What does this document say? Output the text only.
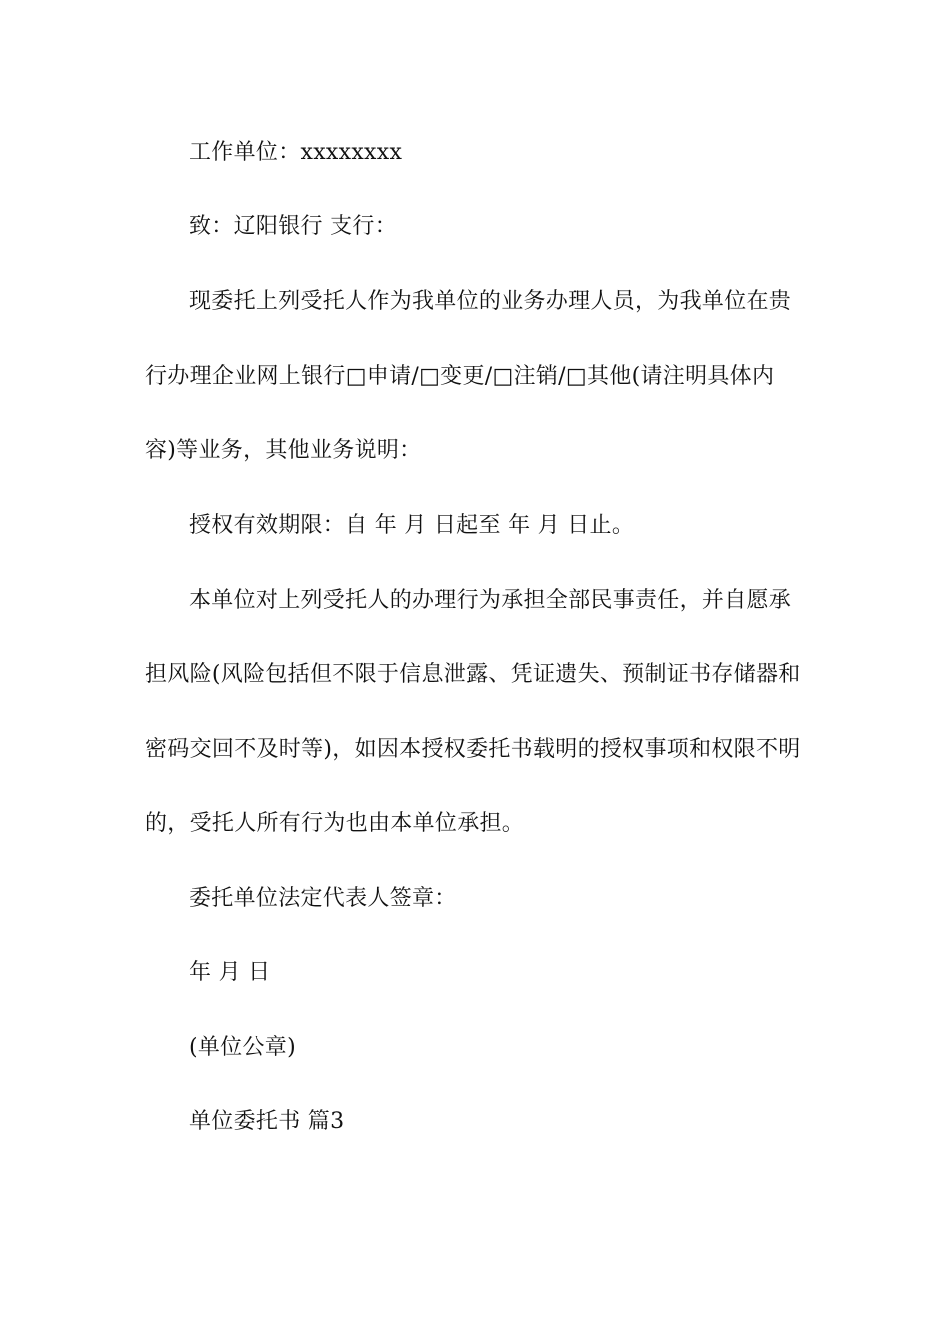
工作单位：xxxxxxxx
致：辽阳银行 支行：
现委托上列受托人作为我单位的业务办理人员，为我单位在贵
行办理企业网上银行□申请/□变更/□注销/□其他(请注明具体内
容)等业务，其他业务说明：
授权有效期限：自 年 月 日起至 年 月 日止。
本单位对上列受托人的办理行为承担全部民事责任，并自愿承
担风险(风险包括但不限于信息泄露、凭证遗失、预制证书存储器和
密码交回不及时等)，如因本授权委托书载明的授权事项和权限不明
的，受托人所有行为也由本单位承担。
委托单位法定代表人签章：
年 月 日
(单位公章)
单位委托书 篇3
